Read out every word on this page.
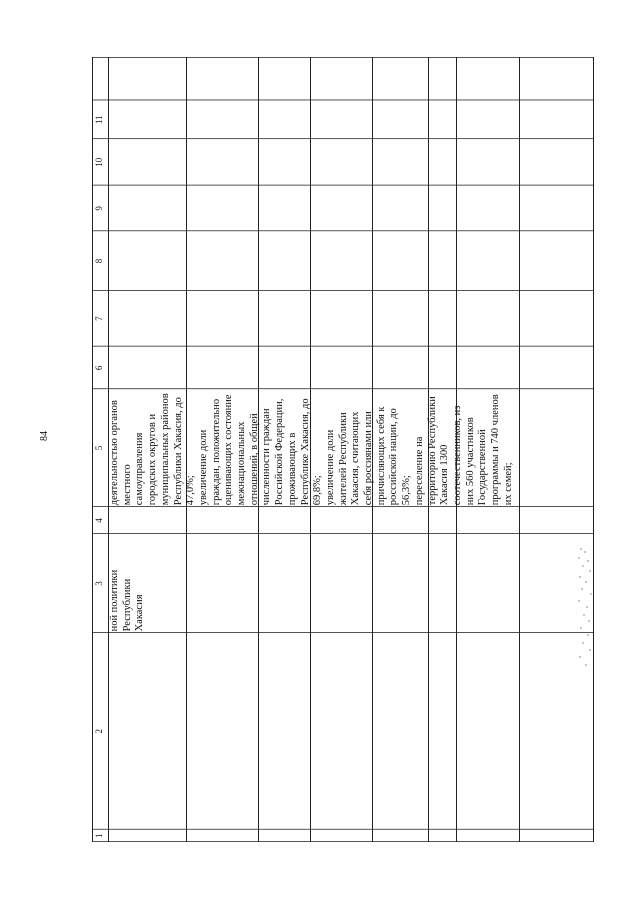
84
1
2
3
4
5
6
7
8
ной политики
Республики
Хакасия
деятельностью органов местного самоуправления городских округов и муниципальных районов Республики Хакасия, до 47,0%; увеличение доли граждан, положительно оценивающих состояние межнациональных отношений, в общей численности граждан Российской Федерации, проживающих в Республике Хакасия, до 69,8%; увеличение доли жителей Республики Хакасия, считающих себя россиянами или причисляющих себя к российской нации, до 56,3%; переселение на территорию Республики Хакасия 1300 соотечественников, из них 560 участников Государственной программы и 740 членов их семей;
9
10
11
